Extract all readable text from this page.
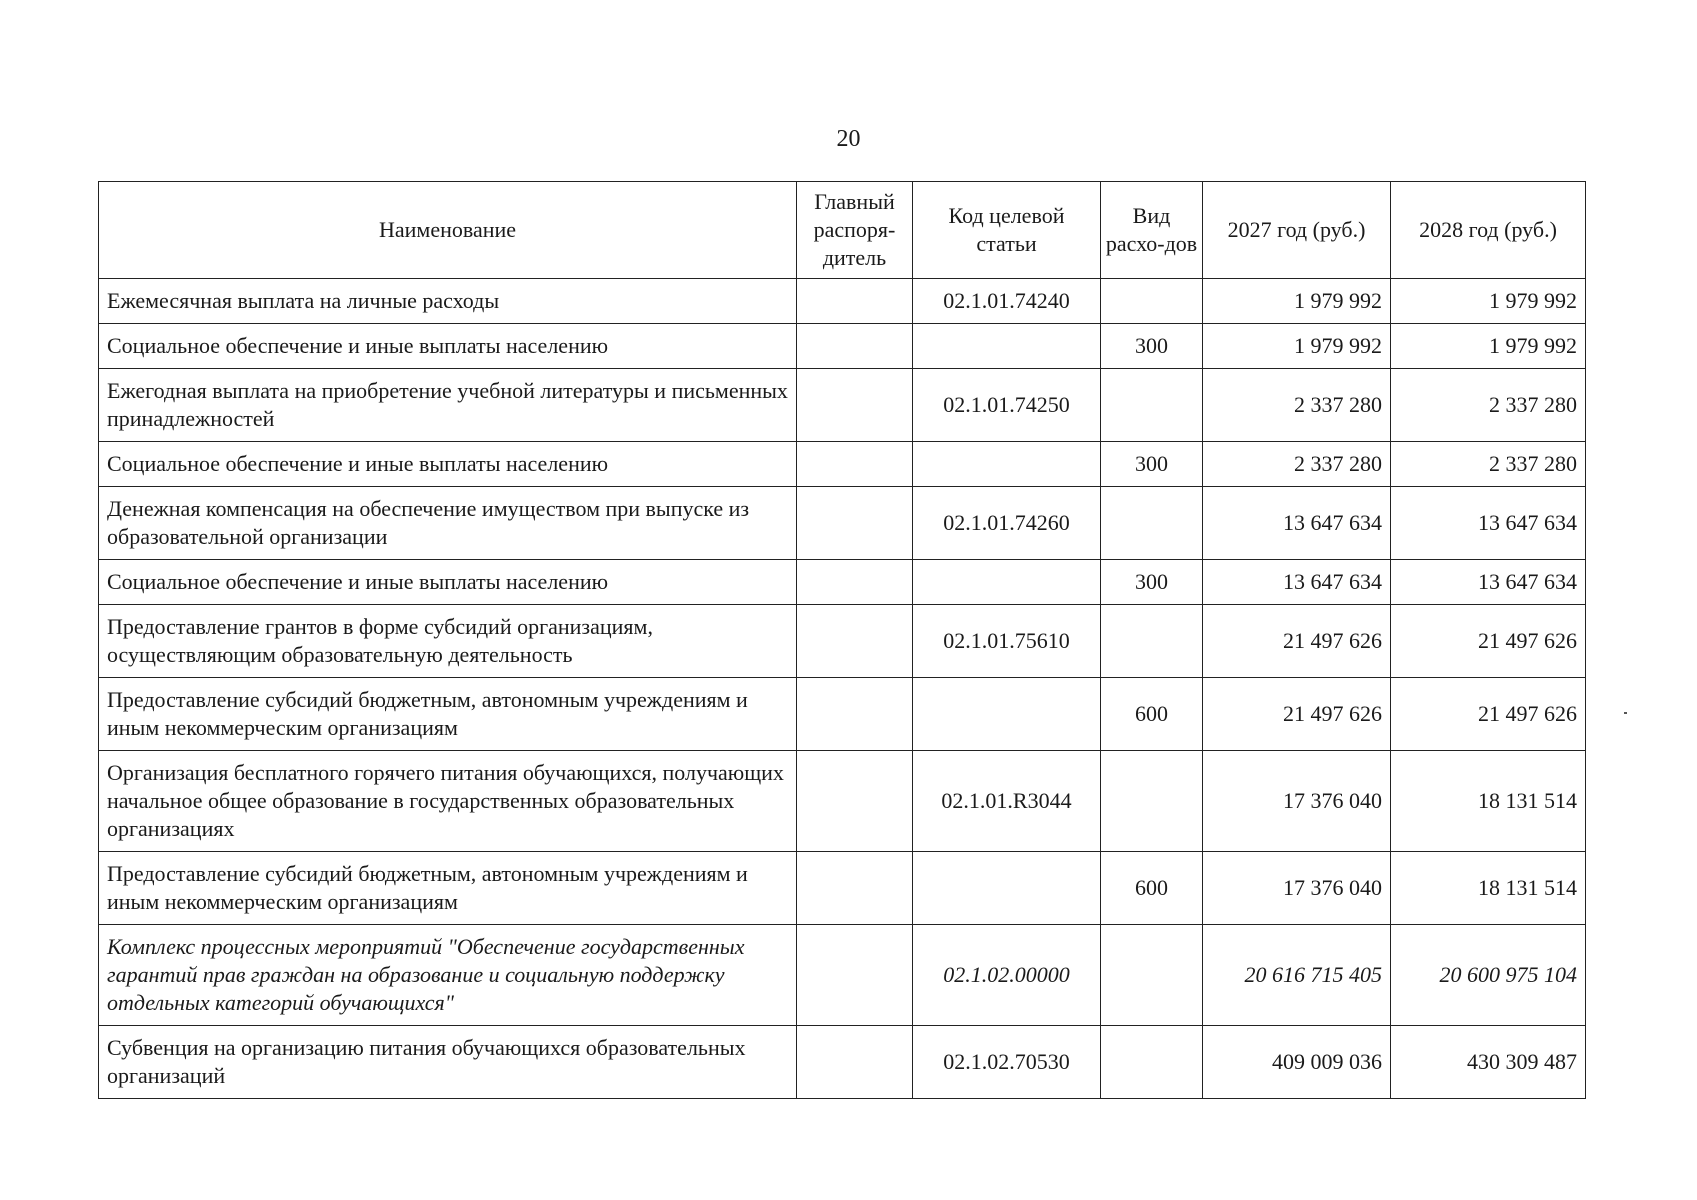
20
Наименование	Главный распоря-дитель	Код целевой статьи	Вид расхо-дов	2027 год (руб.)	2028 год (руб.)
Ежемесячная выплата на личные расходы		02.1.01.74240		1 979 992	1 979 992
Социальное обеспечение и иные выплаты населению			300	1 979 992	1 979 992
Ежегодная выплата на приобретение учебной литературы и письменных принадлежностей		02.1.01.74250		2 337 280	2 337 280
Социальное обеспечение и иные выплаты населению			300	2 337 280	2 337 280
Денежная компенсация на обеспечение имуществом при выпуске из образовательной организации		02.1.01.74260		13 647 634	13 647 634
Социальное обеспечение и иные выплаты населению			300	13 647 634	13 647 634
Предоставление грантов в форме субсидий организациям, осуществляющим образовательную деятельность		02.1.01.75610		21 497 626	21 497 626
Предоставление субсидий бюджетным, автономным учреждениям и иным некоммерческим организациям			600	21 497 626	21 497 626
Организация бесплатного горячего питания обучающихся, получающих начальное общее образование в государственных образовательных организациях		02.1.01.R3044		17 376 040	18 131 514
Предоставление субсидий бюджетным, автономным учреждениям и иным некоммерческим организациям			600	17 376 040	18 131 514
Комплекс процессных мероприятий "Обеспечение государственных гарантий прав граждан на образование и социальную поддержку отдельных категорий обучающихся"		02.1.02.00000		20 616 715 405	20 600 975 104
Субвенция на организацию питания обучающихся образовательных организаций		02.1.02.70530		409 009 036	430 309 487
